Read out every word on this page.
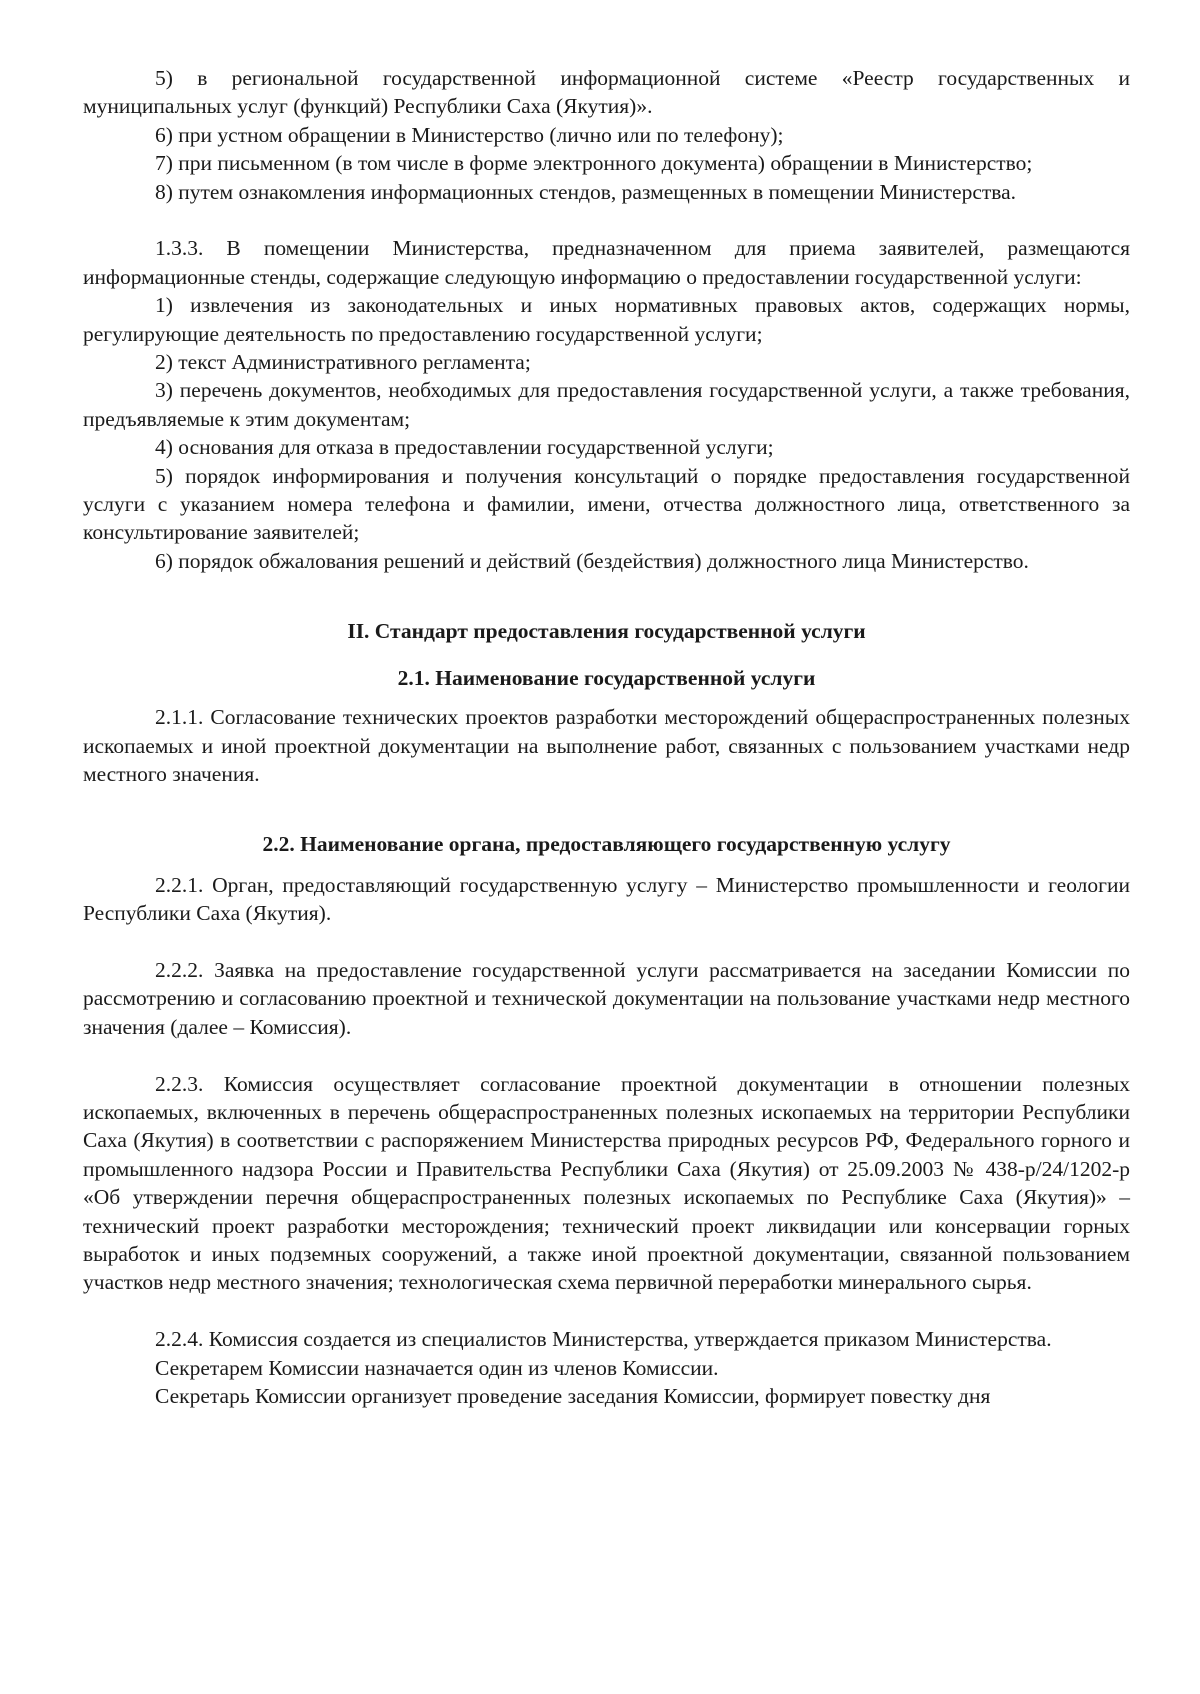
5) в региональной государственной информационной системе «Реестр государственных и муниципальных услуг (функций) Республики Саха (Якутия)».

6) при устном обращении в Министерство (лично или по телефону);

7) при письменном (в том числе в форме электронного документа) обращении в Министерство;

8) путем ознакомления информационных стендов, размещенных в помещении Министерства.

1.3.3. В помещении Министерства, предназначенном для приема заявителей, размещаются информационные стенды, содержащие следующую информацию о предоставлении государственной услуги:

1) извлечения из законодательных и иных нормативных правовых актов, содержащих нормы, регулирующие деятельность по предоставлению государственной услуги;

2) текст Административного регламента;

3) перечень документов, необходимых для предоставления государственной услуги, а также требования, предъявляемые к этим документам;

4) основания для отказа в предоставлении государственной услуги;

5) порядок информирования и получения консультаций о порядке предоставления государственной услуги с указанием номера телефона и фамилии, имени, отчества должностного лица, ответственного за консультирование заявителей;

6) порядок обжалования решений и действий (бездействия) должностного лица Министерство.

II. Стандарт предоставления государственной услуги

2.1. Наименование государственной услуги

2.1.1. Согласование технических проектов разработки месторождений общераспространенных полезных ископаемых и иной проектной документации на выполнение работ, связанных с пользованием участками недр местного значения.

2.2. Наименование органа, предоставляющего государственную услугу

2.2.1. Орган, предоставляющий государственную услугу – Министерство промышленности и геологии Республики Саха (Якутия).

2.2.2. Заявка на предоставление государственной услуги рассматривается на заседании Комиссии по рассмотрению и согласованию проектной и технической документации на пользование участками недр местного значения (далее – Комиссия).

2.2.3. Комиссия осуществляет согласование проектной документации в отношении полезных ископаемых, включенных в перечень общераспространенных полезных ископаемых на территории Республики Саха (Якутия) в соответствии с распоряжением Министерства природных ресурсов РФ, Федерального горного и промышленного надзора России и Правительства Республики Саха (Якутия) от 25.09.2003 № 438-р/24/1202-р «Об утверждении перечня общераспространенных полезных ископаемых по Республике Саха (Якутия)» – технический проект разработки месторождения; технический проект ликвидации или консервации горных выработок и иных подземных сооружений, а также иной проектной документации, связанной пользованием участков недр местного значения; технологическая схема первичной переработки минерального сырья.

2.2.4. Комиссия создается из специалистов Министерства, утверждается приказом Министерства.

Секретарем Комиссии назначается один из членов Комиссии.

Секретарь Комиссии организует проведение заседания Комиссии, формирует повестку дня
